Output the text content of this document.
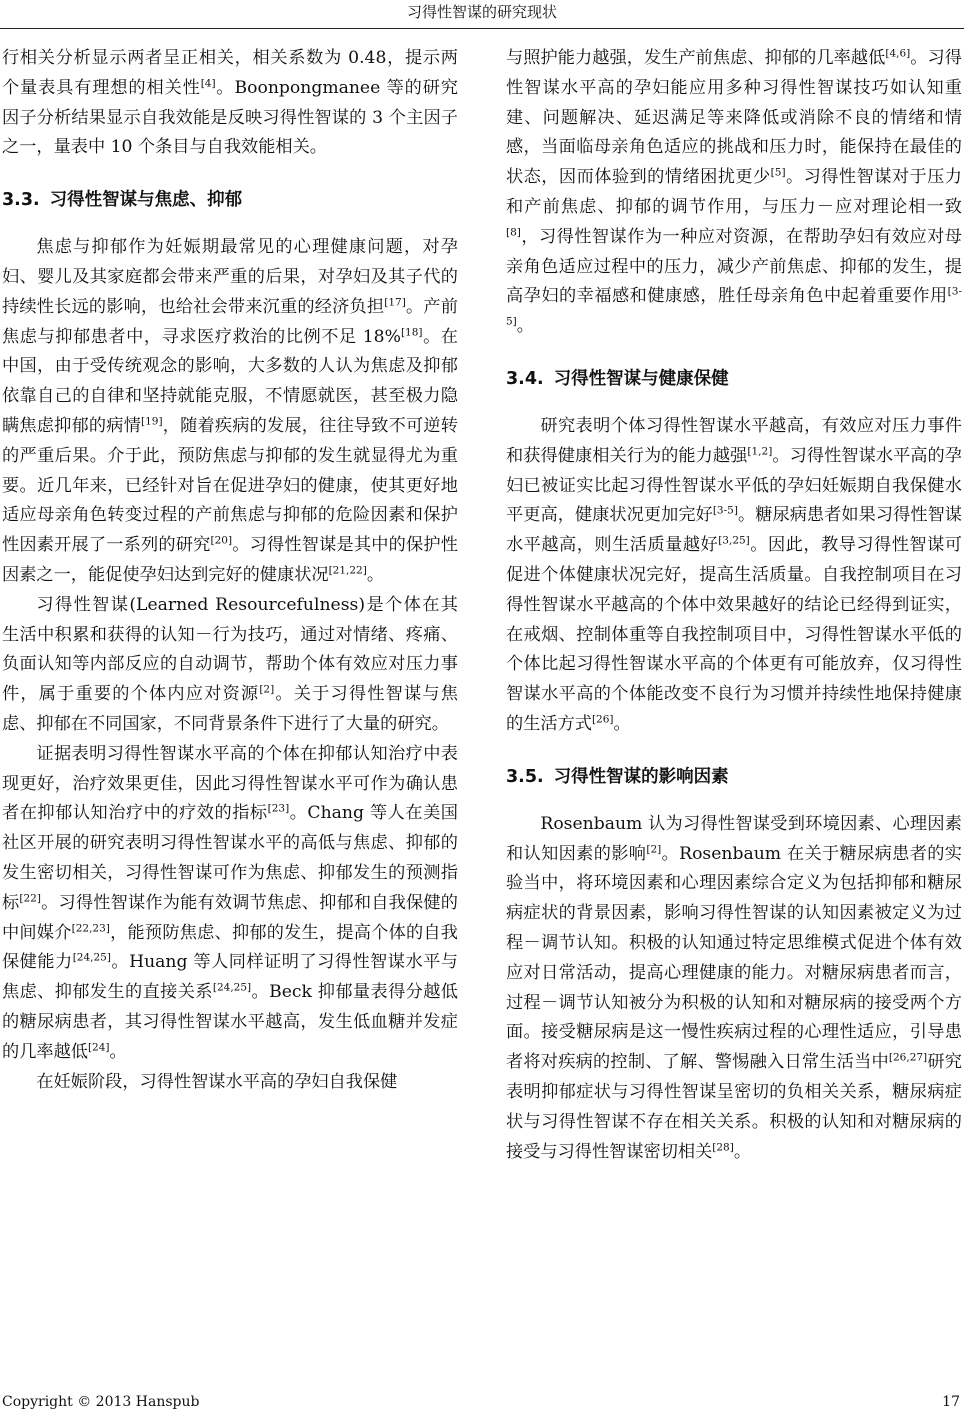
习得性智谋的研究现状

行相关分析显示两者呈正相关，相关系数为 0.48，提示两个量表具有理想的相关性[4]。Boonpongmanee 等的研究因子分析结果显示自我效能是反映习得性智谋的 3 个主因子之一，量表中 10 个条目与自我效能相关。

3.3. 习得性智谋与焦虑、抑郁

焦虑与抑郁作为妊娠期最常见的心理健康问题，对孕妇、婴儿及其家庭都会带来严重的后果，对孕妇及其子代的持续性长远的影响，也给社会带来沉重的经济负担[17]。产前焦虑与抑郁患者中，寻求医疗救治的比例不足 18%[18]。在中国，由于受传统观念的影响，大多数的人认为焦虑及抑郁依靠自己的自律和坚持就能克服，不情愿就医，甚至极力隐瞒焦虑抑郁的病情[19]，随着疾病的发展，往往导致不可逆转的严重后果。介于此，预防焦虑与抑郁的发生就显得尤为重要。近几年来，已经针对旨在促进孕妇的健康，使其更好地适应母亲角色转变过程的产前焦虑与抑郁的危险因素和保护性因素开展了一系列的研究[20]。习得性智谋是其中的保护性因素之一，能促使孕妇达到完好的健康状况[21,22]。

习得性智谋(Learned Resourcefulness)是个体在其生活中积累和获得的认知－行为技巧，通过对情绪、疼痛、负面认知等内部反应的自动调节，帮助个体有效应对压力事件，属于重要的个体内应对资源[2]。关于习得性智谋与焦虑、抑郁在不同国家，不同背景条件下进行了大量的研究。

证据表明习得性智谋水平高的个体在抑郁认知治疗中表现更好，治疗效果更佳，因此习得性智谋水平可作为确认患者在抑郁认知治疗中的疗效的指标[23]。Chang 等人在美国社区开展的研究表明习得性智谋水平的高低与焦虑、抑郁的发生密切相关，习得性智谋可作为焦虑、抑郁发生的预测指标[22]。习得性智谋作为能有效调节焦虑、抑郁和自我保健的中间媒介[22,23]，能预防焦虑、抑郁的发生，提高个体的自我保健能力[24,25]。Huang 等人同样证明了习得性智谋水平与焦虑、抑郁发生的直接关系[24,25]。Beck 抑郁量表得分越低的糖尿病患者，其习得性智谋水平越高，发生低血糖并发症的几率越低[24]。

在妊娠阶段，习得性智谋水平高的孕妇自我保健

与照护能力越强，发生产前焦虑、抑郁的几率越低[4,6]。习得性智谋水平高的孕妇能应用多种习得性智谋技巧如认知重建、问题解决、延迟满足等来降低或消除不良的情绪和情感，当面临母亲角色适应的挑战和压力时，能保持在最佳的状态，因而体验到的情绪困扰更少[5]。习得性智谋对于压力和产前焦虑、抑郁的调节作用，与压力－应对理论相一致[8]，习得性智谋作为一种应对资源，在帮助孕妇有效应对母亲角色适应过程中的压力，减少产前焦虑、抑郁的发生，提高孕妇的幸福感和健康感，胜任母亲角色中起着重要作用[3-5]。

3.4. 习得性智谋与健康保健

研究表明个体习得性智谋水平越高，有效应对压力事件和获得健康相关行为的能力越强[1,2]。习得性智谋水平高的孕妇已被证实比起习得性智谋水平低的孕妇妊娠期自我保健水平更高，健康状况更加完好[3-5]。糖尿病患者如果习得性智谋水平越高，则生活质量越好[3,25]。因此，教导习得性智谋可促进个体健康状况完好，提高生活质量。自我控制项目在习得性智谋水平越高的个体中效果越好的结论已经得到证实，在戒烟、控制体重等自我控制项目中，习得性智谋水平低的个体比起习得性智谋水平高的个体更有可能放弃，仅习得性智谋水平高的个体能改变不良行为习惯并持续性地保持健康的生活方式[26]。

3.5. 习得性智谋的影响因素

Rosenbaum 认为习得性智谋受到环境因素、心理因素和认知因素的影响[2]。Rosenbaum 在关于糖尿病患者的实验当中，将环境因素和心理因素综合定义为包括抑郁和糖尿病症状的背景因素，影响习得性智谋的认知因素被定义为过程－调节认知。积极的认知通过特定思维模式促进个体有效应对日常活动，提高心理健康的能力。对糖尿病患者而言，过程－调节认知被分为积极的认知和对糖尿病的接受两个方面。接受糖尿病是这一慢性疾病过程的心理性适应，引导患者将对疾病的控制、了解、警惕融入日常生活当中[26,27]研究表明抑郁症状与习得性智谋呈密切的负相关关系，糖尿病症状与习得性智谋不存在相关关系。积极的认知和对糖尿病的接受与习得性智谋密切相关[28]。

Copyright © 2013 Hanspub	17
